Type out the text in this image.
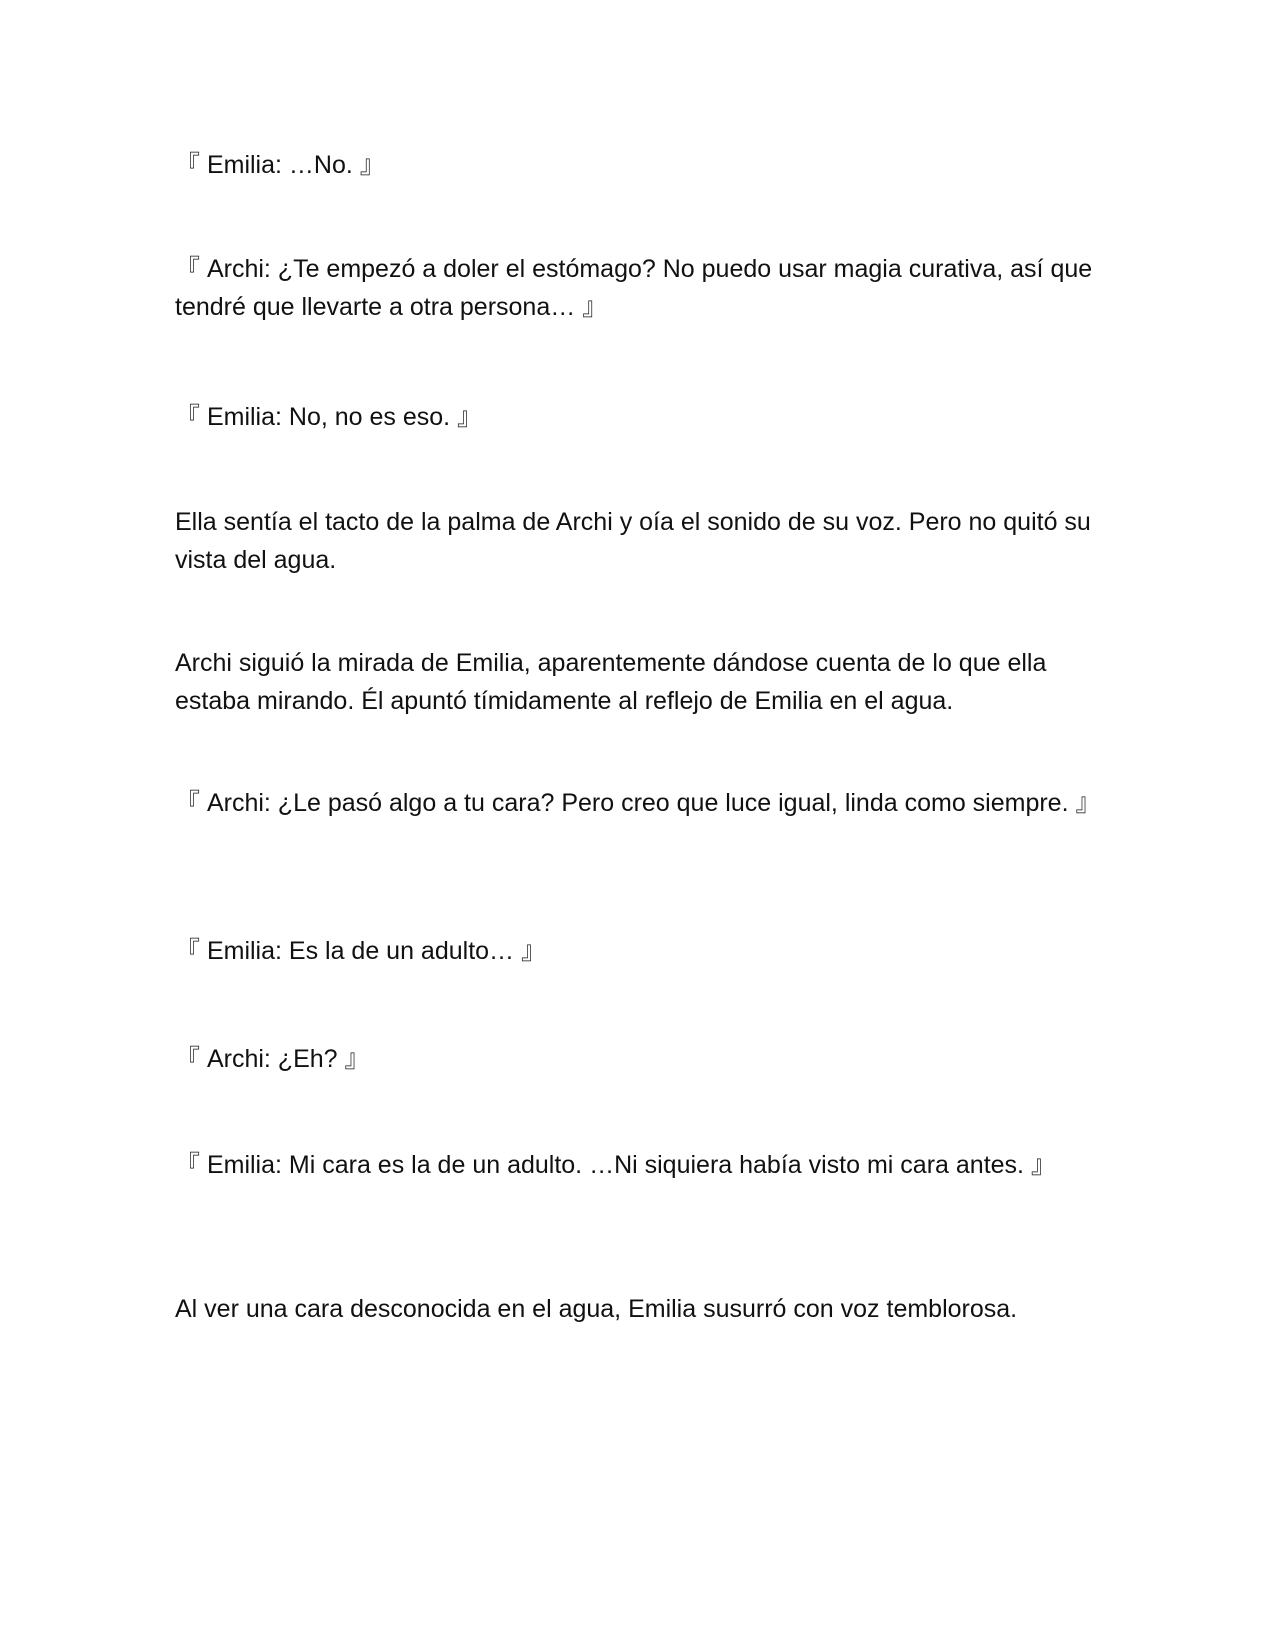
『 Emilia: …No. 』

『 Archi: ¿Te empezó a doler el estómago? No puedo usar magia curativa, así que tendré que llevarte a otra persona… 』

『 Emilia: No, no es eso. 』

Ella sentía el tacto de la palma de Archi y oía el sonido de su voz. Pero no quitó su vista del agua.

Archi siguió la mirada de Emilia, aparentemente dándose cuenta de lo que ella estaba mirando. Él apuntó tímidamente al reflejo de Emilia en el agua.

『 Archi: ¿Le pasó algo a tu cara? Pero creo que luce igual, linda como siempre. 』

『 Emilia: Es la de un adulto… 』

『 Archi: ¿Eh? 』

『 Emilia: Mi cara es la de un adulto. …Ni siquiera había visto mi cara antes. 』

Al ver una cara desconocida en el agua, Emilia susurró con voz temblorosa.
